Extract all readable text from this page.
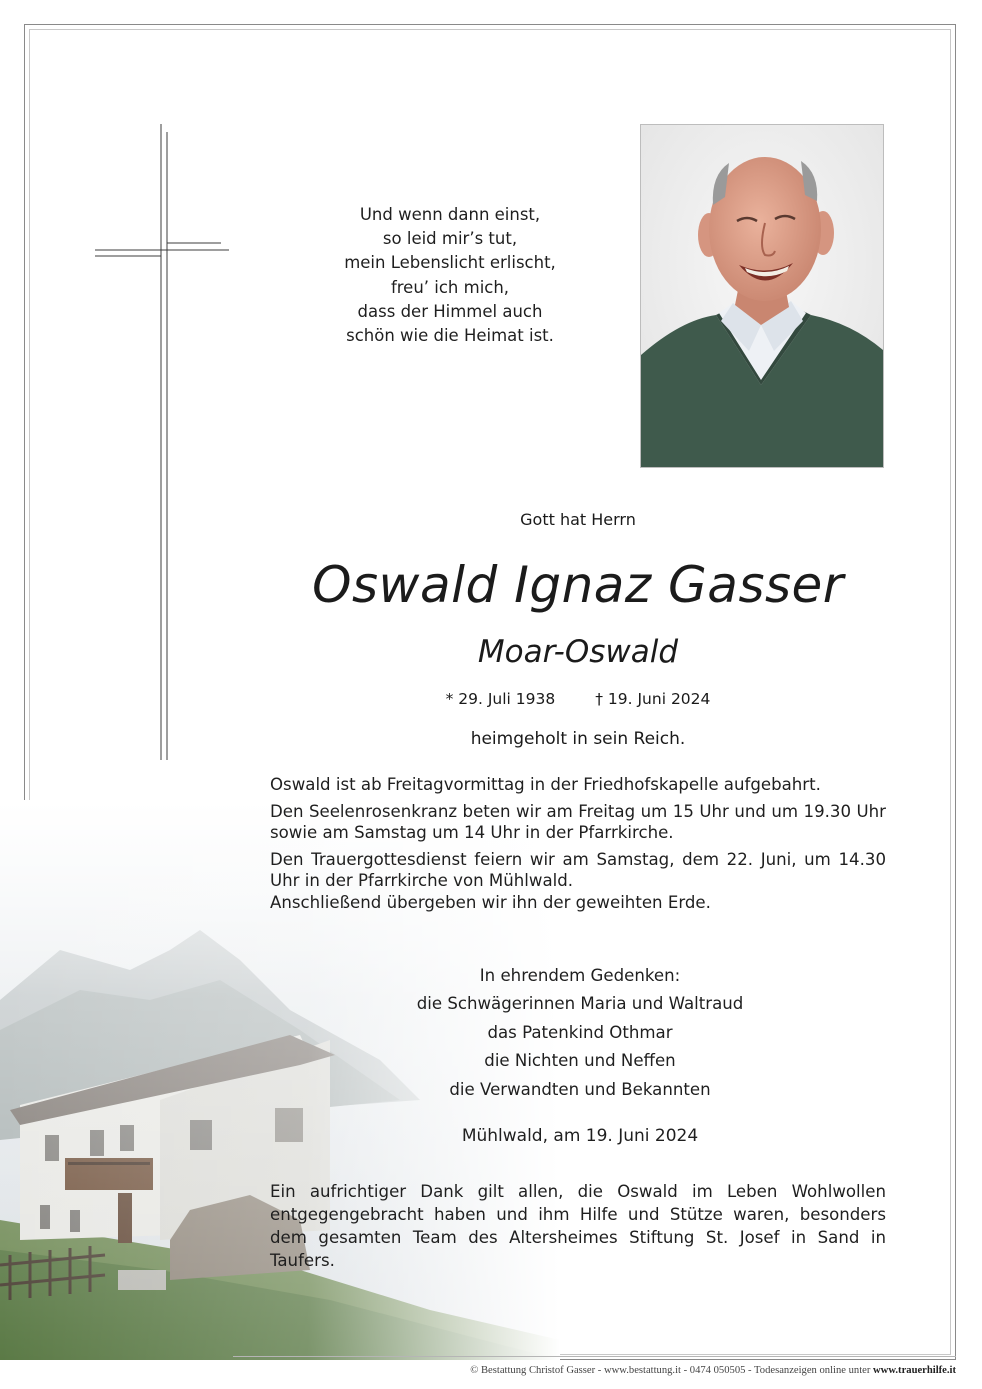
Und wenn dann einst,
so leid mir’s tut,
mein Lebenslicht erlischt,
freu’ ich mich,
dass der Himmel auch
schön wie die Heimat ist.
Gott hat Herrn
Oswald Ignaz Gasser
Moar-Oswald
* 29. Juli 1938	† 19. Juni 2024
heimgeholt in sein Reich.

Oswald ist ab Freitagvormittag in der Friedhofskapelle aufgebahrt.

Den Seelenrosenkranz beten wir am Freitag um 15 Uhr und um 19.30 Uhr sowie am Samstag um 14 Uhr in der Pfarrkirche.

Den Trauergottesdienst feiern wir am Samstag, dem 22. Juni, um 14.30 Uhr in der Pfarrkirche von Mühlwald.

Anschließend übergeben wir ihn der geweihten Erde.

In ehrendem Gedenken:
die Schwägerinnen Maria und Waltraud
das Patenkind Othmar
die Nichten und Neffen
die Verwandten und Bekannten
Mühlwald, am 19. Juni 2024
Ein aufrichtiger Dank gilt allen, die Oswald im Leben Wohlwollen entgegengebracht haben und ihm Hilfe und Stütze waren, besonders dem gesamten Team des Altersheimes Stiftung St. Josef in Sand in Taufers.
© Bestattung Christof Gasser - www.bestattung.it - 0474 050505 - Todesanzeigen online unter www.trauerhilfe.it
